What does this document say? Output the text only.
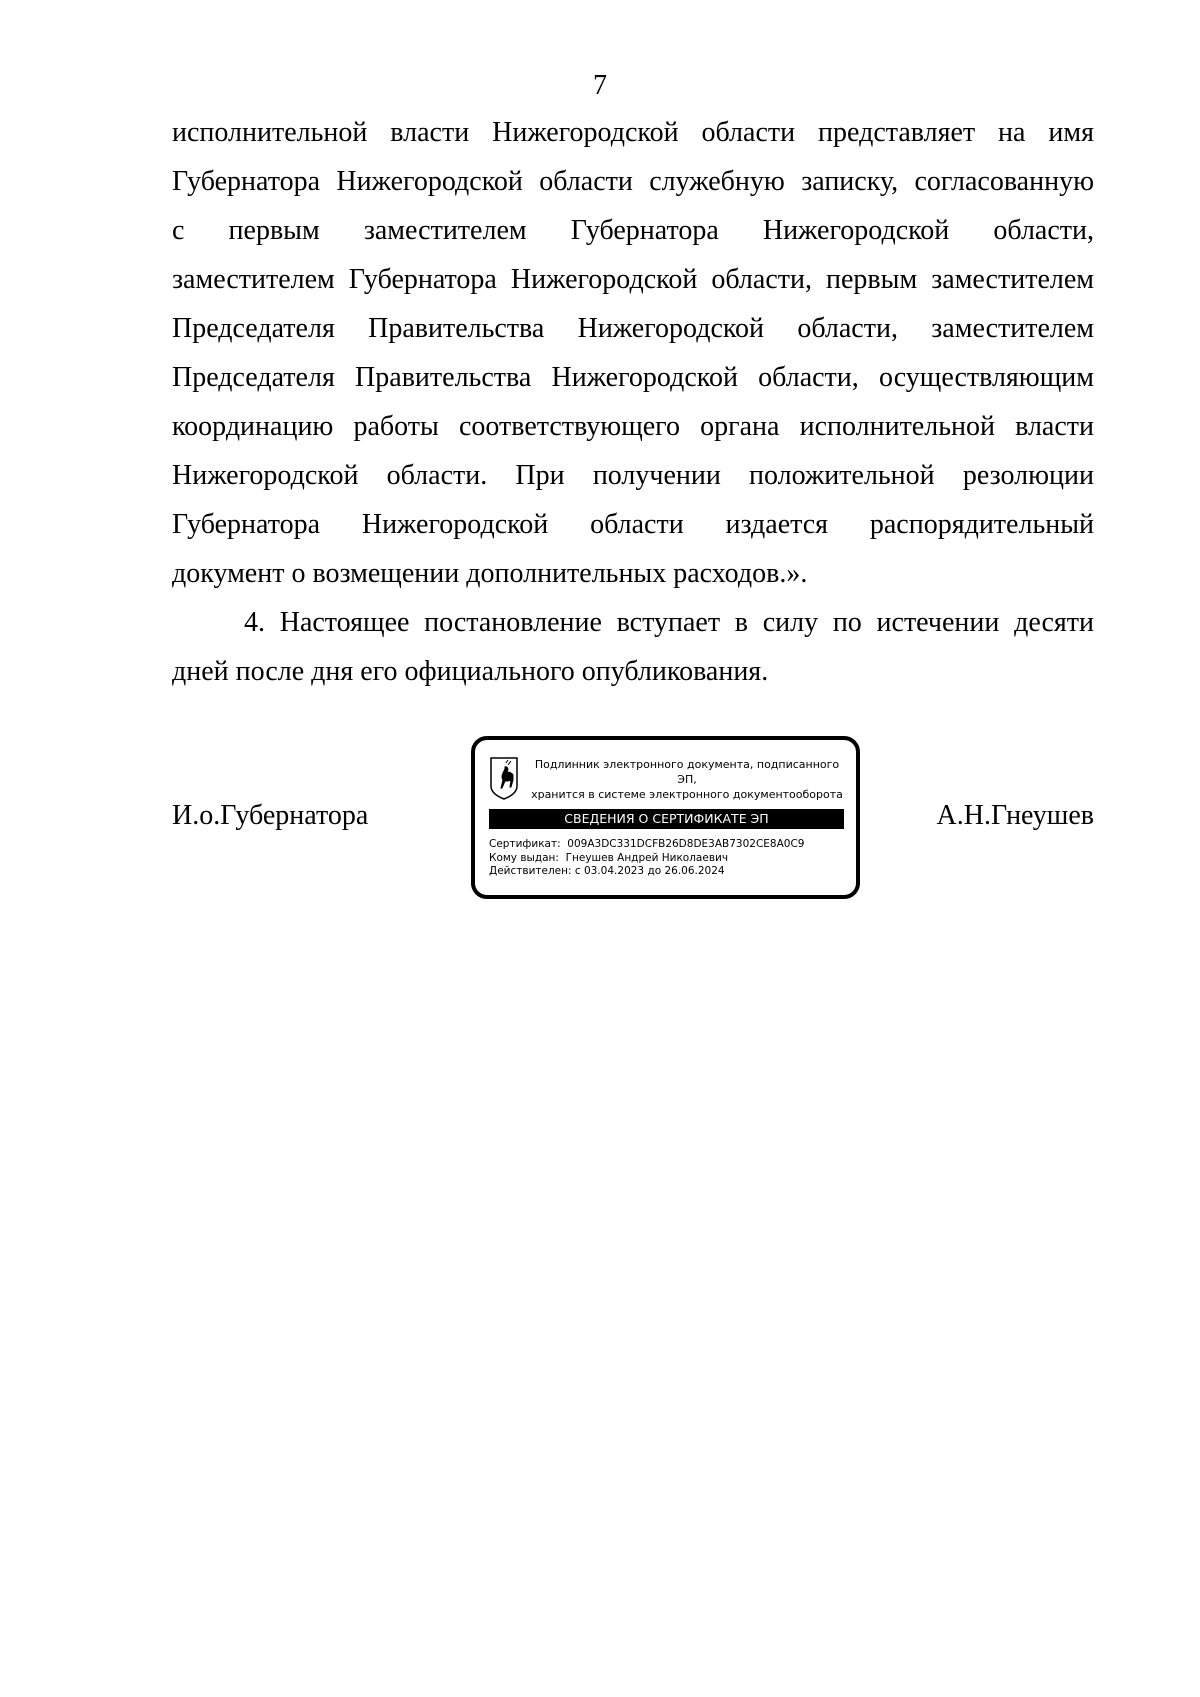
7
исполнительной власти Нижегородской области представляет на имя
Губернатора Нижегородской области служебную записку, согласованную
с первым заместителем Губернатора Нижегородской области,
заместителем Губернатора Нижегородской области, первым заместителем
Председателя Правительства Нижегородской области, заместителем
Председателя Правительства Нижегородской области, осуществляющим
координацию работы соответствующего органа исполнительной власти
Нижегородской области. При получении положительной резолюции
Губернатора Нижегородской области издается распорядительный
документ о возмещении дополнительных расходов.».
4. Настоящее постановление вступает в силу по истечении десяти
дней после дня его официального опубликования.
И.о.Губернатора	А.Н.Гнеушев
Подлинник электронного документа, подписанного ЭП,
хранится в системе электронного документооборота
СВЕДЕНИЯ О СЕРТИФИКАТЕ ЭП
Сертификат:  009A3DC331DCFB26D8DE3AB7302CE8A0C9
Кому выдан:  Гнеушев Андрей Николаевич
Действителен: с 03.04.2023 до 26.06.2024
